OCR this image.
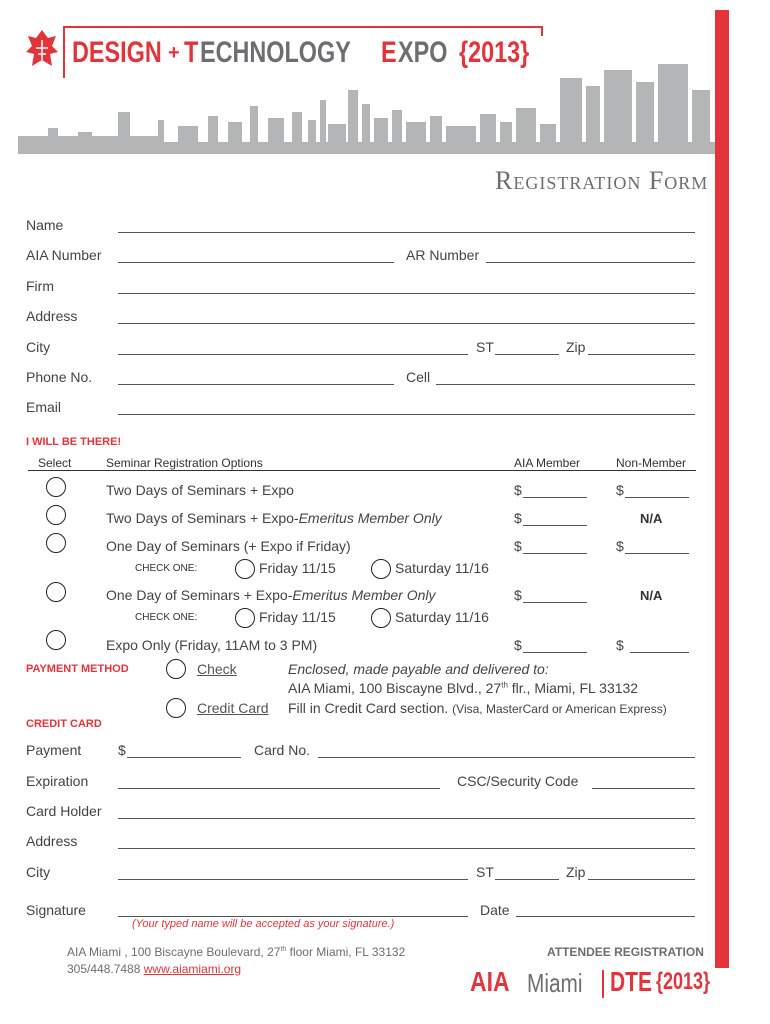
DESIGN + T ECHNOLOGY E XPO {2013}
Registration Form
Name
AIA Number	AR Number
Firm
Address
City	ST	Zip
Phone No.	Cell
Email
I WILL BE THERE!
Select	Seminar Registration Options	AIA Member	Non-Member
Two Days of Seminars + Expo	$	$
Two Days of Seminars + Expo-Emeritus Member Only	$	N/A
One Day of Seminars (+ Expo if Friday)	$	$
CHECK ONE:	Friday 11/15	Saturday 11/16
One Day of Seminars + Expo-Emeritus Member Only	$	N/A
CHECK ONE:	Friday 11/15	Saturday 11/16
Expo Only (Friday, 11AM to 3 PM)	$	$
PAYMENT METHOD	Check	Enclosed, made payable and delivered to:
AIA Miami, 100 Biscayne Blvd., 27th flr., Miami, FL 33132
Credit Card Fill in Credit Card section. (Visa, MasterCard or American Express)
CREDIT CARD
Payment	$	Card No.
Expiration	CSC/Security Code
Card Holder
Address
City	ST	Zip
Signature	Date
(Your typed name will be accepted as your signature.)
AIA Miami , 100 Biscayne Boulevard, 27th floor Miami, FL 33132
305/448.7488 www.aiamiami.org
ATTENDEE REGISTRATION
AIA Miami DTE {2013}
